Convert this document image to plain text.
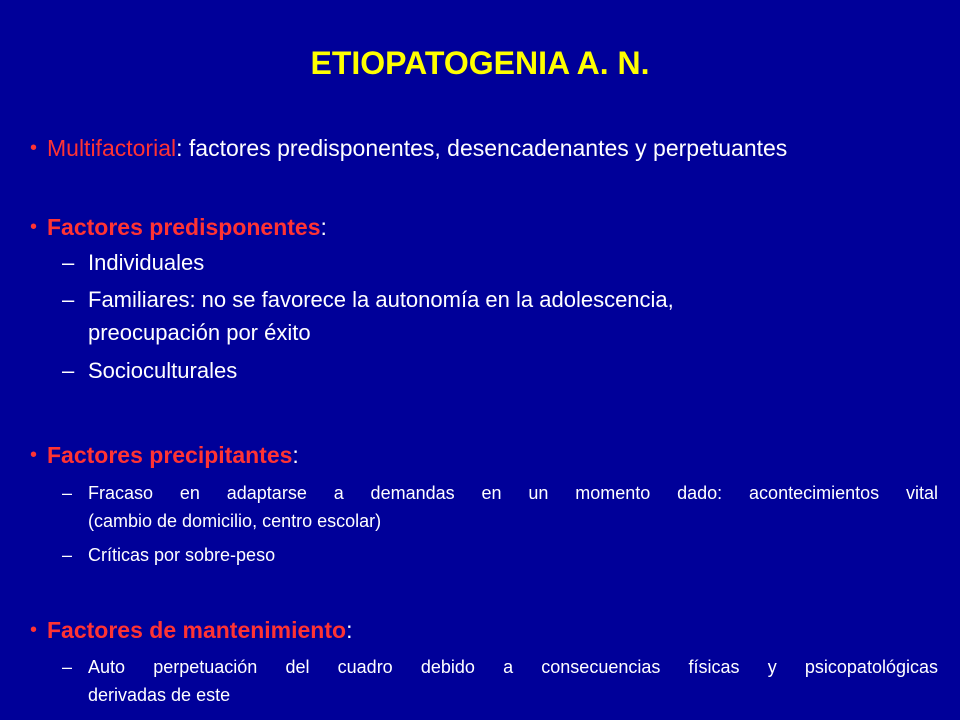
ETIOPATOGENIA A. N.
• Multifactorial: factores predisponentes, desencadenantes y perpetuantes
• Factores predisponentes:
– Individuales
– Familiares: no se favorece la autonomía en la adolescencia,
preocupación por éxito
– Socioculturales
• Factores precipitantes:
– Fracaso en adaptarse a demandas en un momento dado: acontecimientos vital
(cambio de domicilio, centro escolar)
– Críticas por sobre-peso
• Factores de mantenimiento:
– Auto perpetuación del cuadro debido a consecuencias físicas y psicopatológicas
derivadas de este
